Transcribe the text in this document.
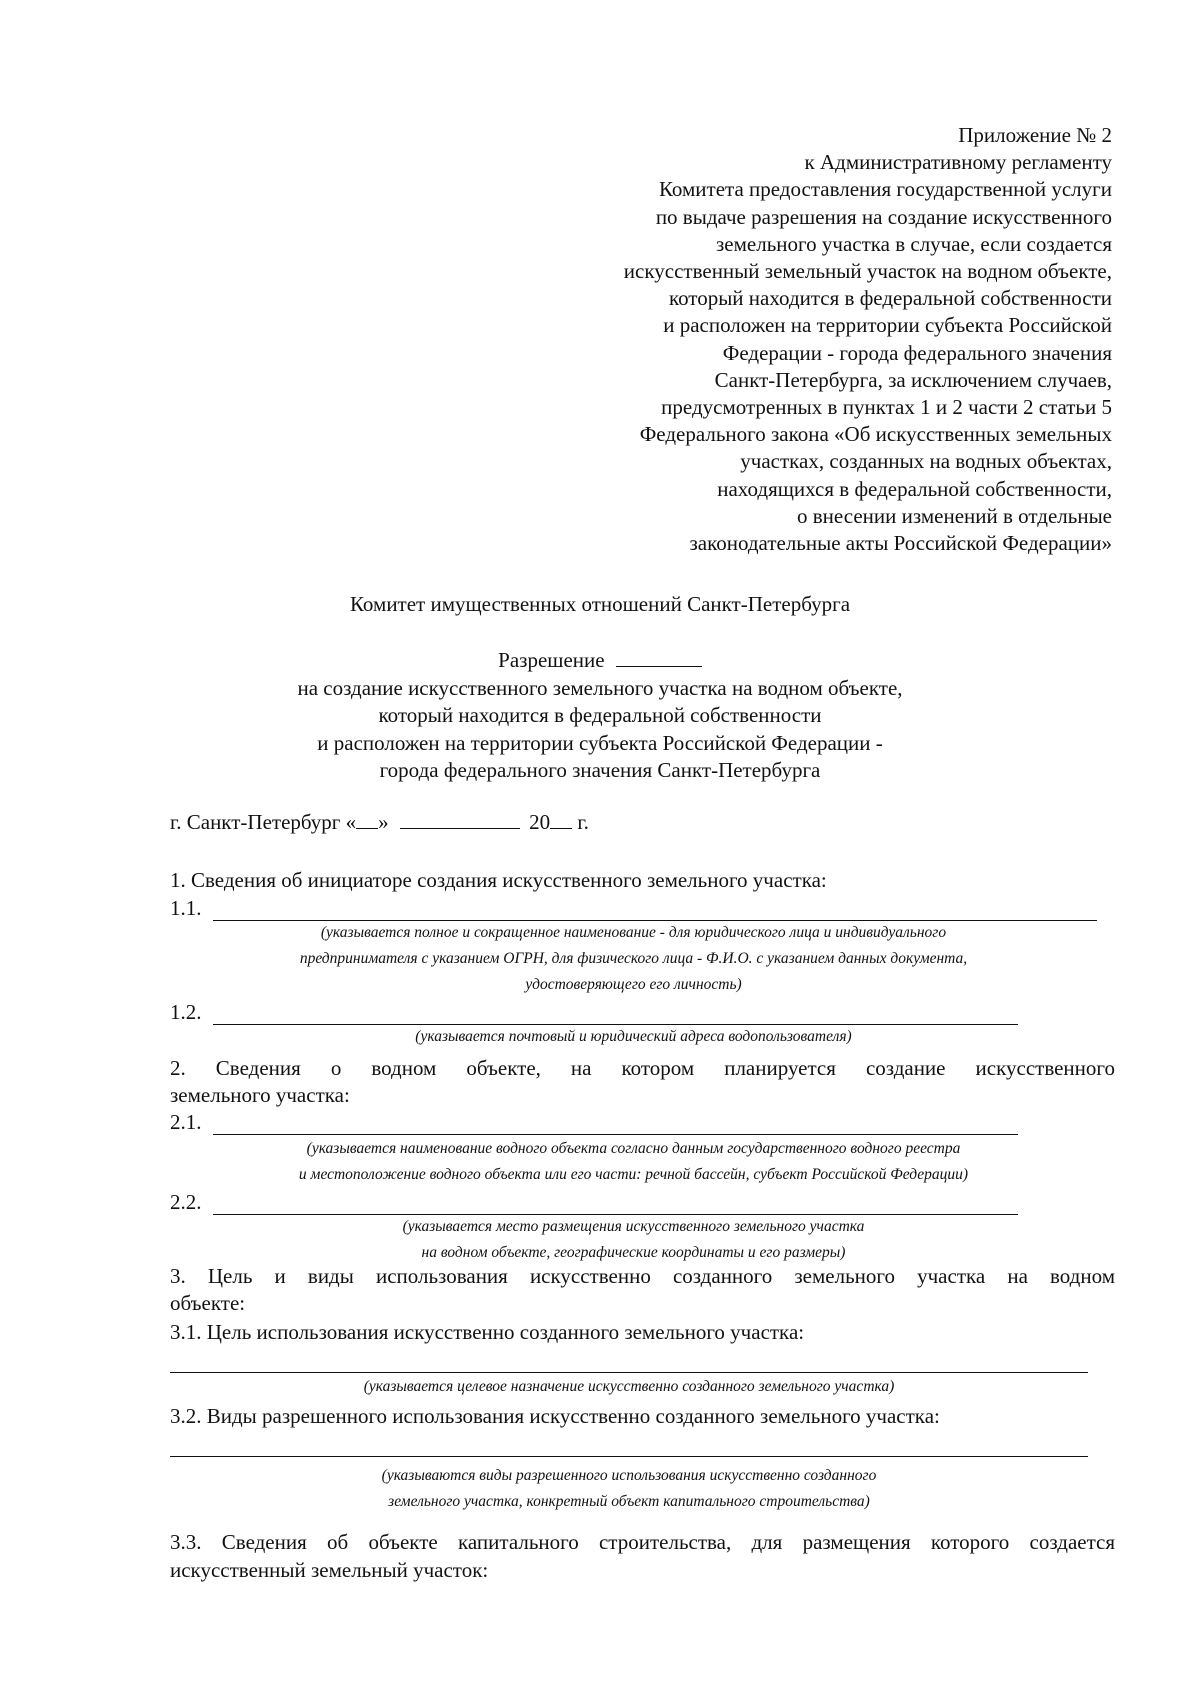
Приложение № 2
к Административному регламенту
Комитета предоставления государственной услуги
по выдаче разрешения на создание искусственного
земельного участка в случае, если создается
искусственный земельный участок на водном объекте,
который находится в федеральной собственности
и расположен на территории субъекта Российской
Федерации - города федерального значения
Санкт-Петербурга, за исключением случаев,
предусмотренных в пунктах 1 и 2 части 2 статьи 5
Федерального закона «Об искусственных земельных
участках, созданных на водных объектах,
находящихся в федеральной собственности,
о внесении изменений в отдельные
законодательные акты Российской Федерации»
Комитет имущественных отношений Санкт-Петербурга
Разрешение
на создание искусственного земельного участка на водном объекте,
который находится в федеральной собственности
и расположен на территории субъекта Российской Федерации -
города федерального значения Санкт-Петербурга
г. Санкт-Петербург « »	20 г.
1. Сведения об инициаторе создания искусственного земельного участка:
1.1.
(указывается полное и сокращенное наименование - для юридического лица и индивидуального
предпринимателя с указанием ОГРН, для физического лица - Ф.И.О. с указанием данных документа,
удостоверяющего его личность)
1.2.
(указывается почтовый и юридический адреса водопользователя)
2. Сведения о водном объекте, на котором планируется создание искусственного
земельного участка:
2.1.
(указывается наименование водного объекта согласно данным государственного водного реестра
и местоположение водного объекта или его части: речной бассейн, субъект Российской Федерации)
2.2.
(указывается место размещения искусственного земельного участка
на водном объекте, географические координаты и его размеры)
3. Цель и виды использования искусственно созданного земельного участка на водном
объекте:
3.1. Цель использования искусственно созданного земельного участка:
(указывается целевое назначение искусственно созданного земельного участка)
3.2. Виды разрешенного использования искусственно созданного земельного участка:
(указываются виды разрешенного использования искусственно созданного
земельного участка, конкретный объект капитального строительства)
3.3. Сведения об объекте капитального строительства, для размещения которого создается
искусственный земельный участок:
